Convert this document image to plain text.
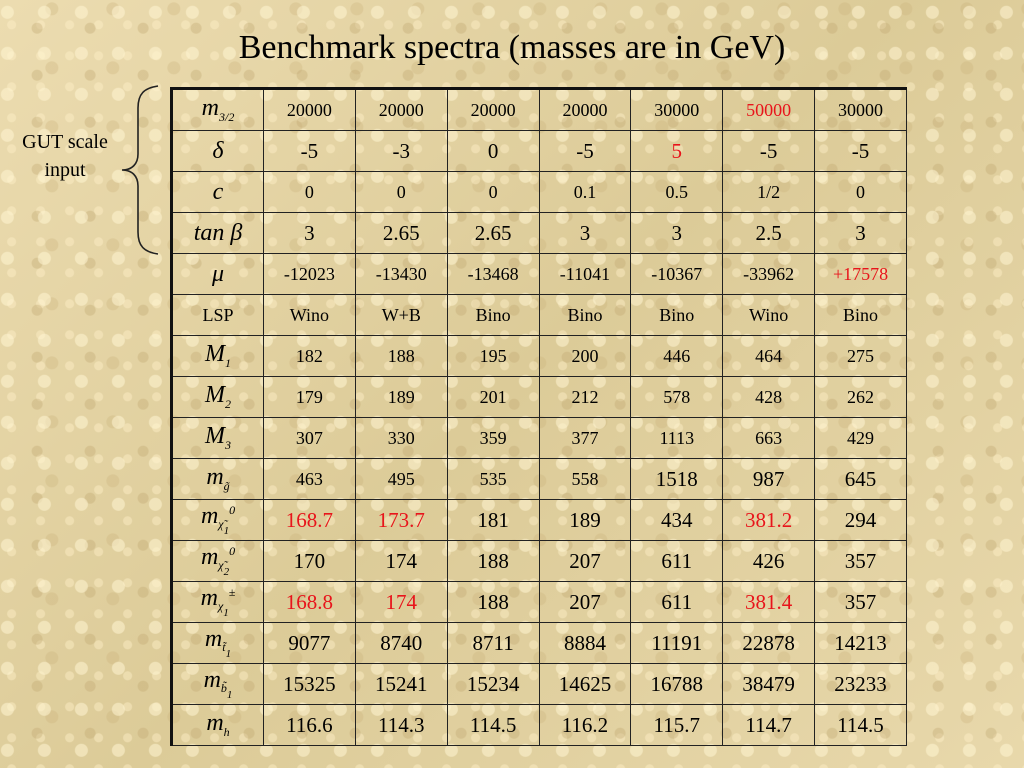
Benchmark spectra (masses are in GeV)
GUT scale
input
$m_{3/2}$	20000	20000	20000	20000	30000	50000	30000
δ	-5	-3	0	-5	5	-5	-5
c	0	0	0	0.1	0.5	1/2	0
tan β	3	2.65	2.65	3	3	2.5	3
μ	-12023	-13430	-13468	-11041	-10367	-33962	+17578
LSP	Wino	W+B	Bino	Bino	Bino	Wino	Bino
$M_1$	182	188	195	200	446	464	275
$M_2$	179	189	201	212	578	428	262
$M_3$	307	330	359	377	1113	663	429
$m_{g̃}$	463	495	535	558	1518	987	645
$m_{\chĩ1}^0$	168.7	173.7	181	189	434	381.2	294
$m_{\chĩ2}^0$	170	174	188	207	611	426	357
$m_{\chi 1}^\pm$	168.8	174	188	207	611	381.4	357
$m_{t̃1}$	9077	8740	8711	8884	11191	22878	14213
$m_{b̃1}$	15325	15241	15234	14625	16788	38479	23233
$m_h$	116.6	114.3	114.5	116.2	115.7	114.7	114.5
